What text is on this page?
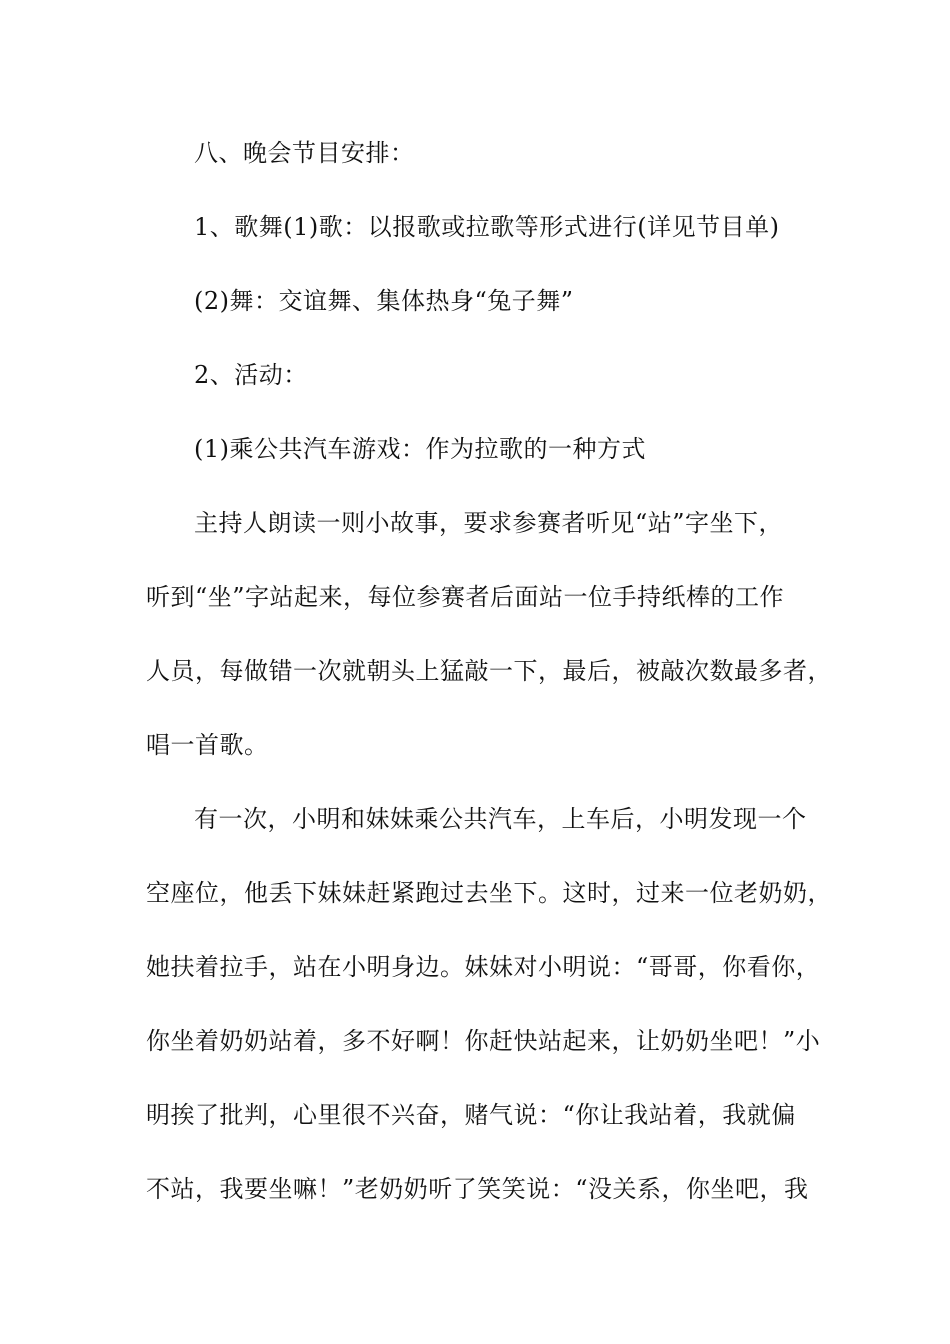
八、晚会节目安排：
1、歌舞(1)歌：以报歌或拉歌等形式进行(详见节目单)
(2)舞：交谊舞、集体热身“兔子舞”
2、活动：
(1)乘公共汽车游戏：作为拉歌的一种方式
主持人朗读一则小故事，要求参赛者听见“站”字坐下，
听到“坐”字站起来，每位参赛者后面站一位手持纸棒的工作
人员，每做错一次就朝头上猛敲一下，最后，被敲次数最多者，
唱一首歌。
有一次，小明和妹妹乘公共汽车，上车后，小明发现一个
空座位，他丢下妹妹赶紧跑过去坐下。这时，过来一位老奶奶，
她扶着拉手，站在小明身边。妹妹对小明说：“哥哥，你看你，
你坐着奶奶站着，多不好啊！你赶快站起来，让奶奶坐吧！”小
明挨了批判，心里很不兴奋，赌气说：“你让我站着，我就偏
不站，我要坐嘛！”老奶奶听了笑笑说：“没关系，你坐吧，我
